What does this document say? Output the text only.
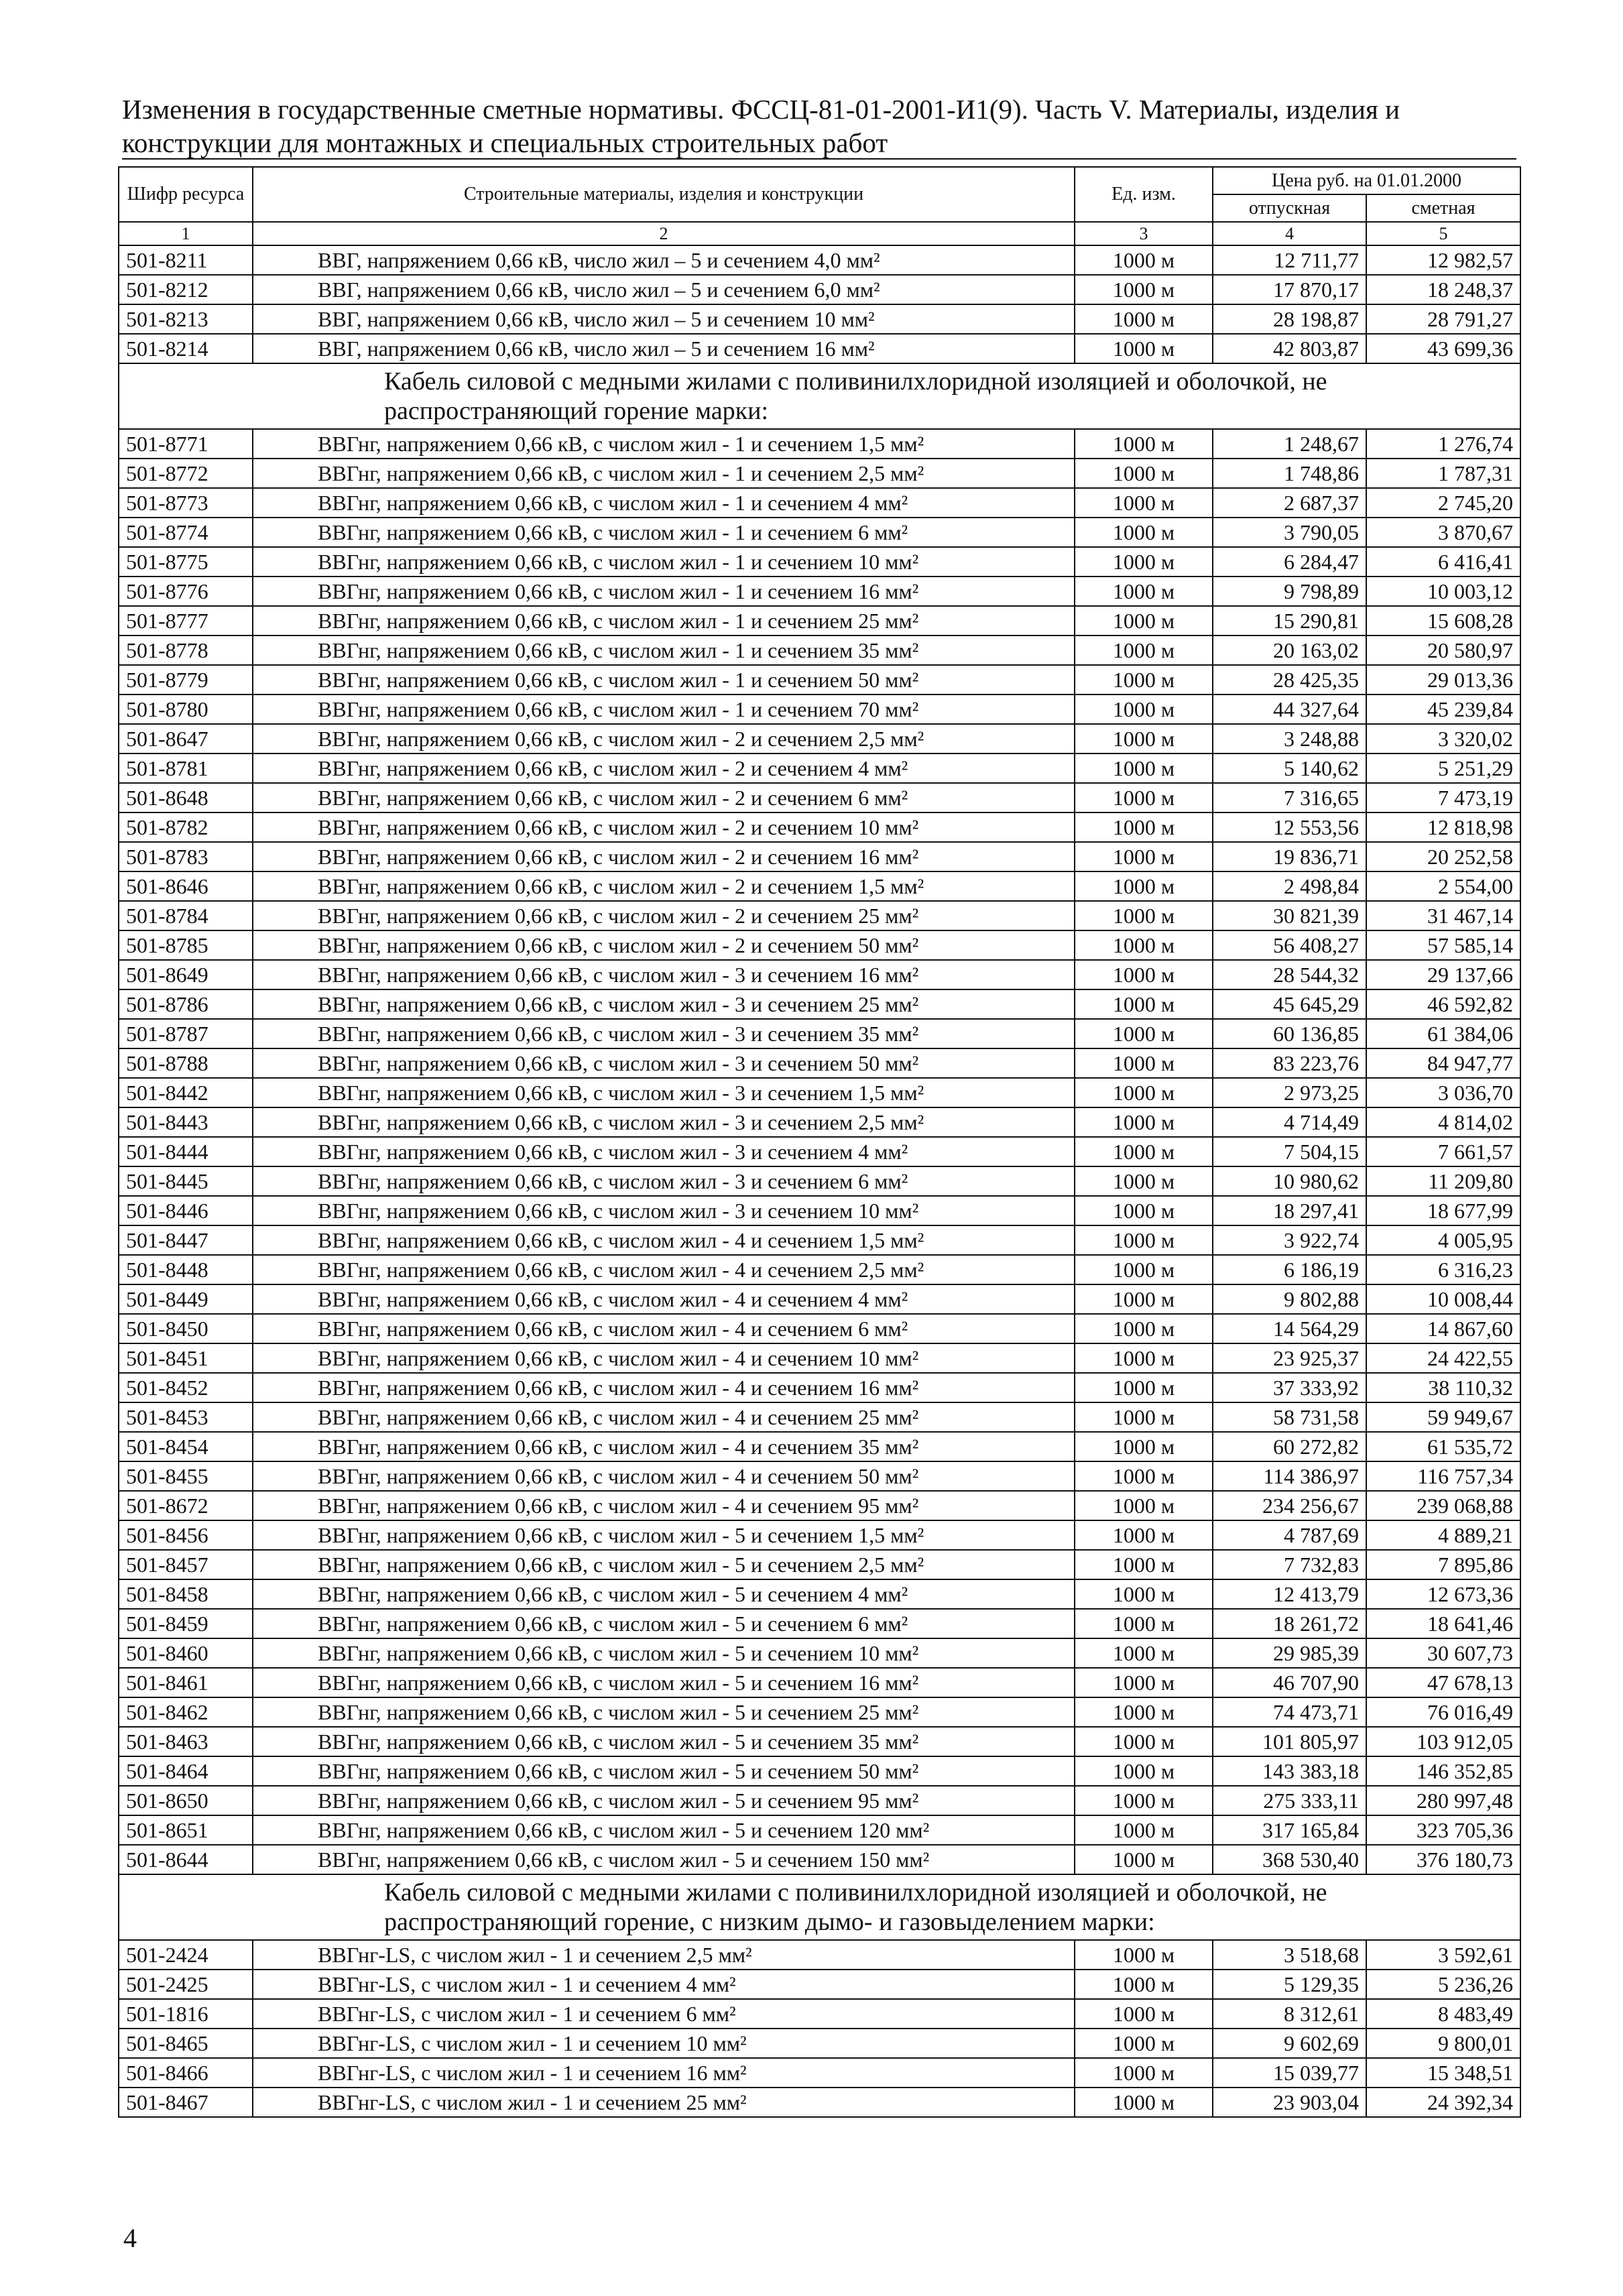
Изменения в государственные сметные нормативы. ФССЦ-81-01-2001-И1(9). Часть V. Материалы, изделия и конструкции для монтажных и специальных строительных работ
Шифр ресурса	Строительные материалы, изделия и конструкции	Ед. изм.	Цена руб. на 01.01.2000	
			отпускная	сметная
1	2	3	4	5
501-8211	ВВГ, напряжением 0,66 кВ, число жил – 5 и сечением 4,0 мм²	1000 м	12 711,77	12 982,57
501-8212	ВВГ, напряжением 0,66 кВ, число жил – 5 и сечением 6,0 мм²	1000 м	17 870,17	18 248,37
501-8213	ВВГ, напряжением 0,66 кВ, число жил – 5 и сечением 10 мм²	1000 м	28 198,87	28 791,27
501-8214	ВВГ, напряжением 0,66 кВ, число жил – 5 и сечением 16 мм²	1000 м	42 803,87	43 699,36

Кабель силовой с медными жилами с поливинилхлоридной изоляцией и оболочкой, не распространяющий горение марки:				

501-8771	ВВГнг, напряжением 0,66 кВ, с числом жил - 1 и сечением 1,5 мм²	1000 м	1 248,67	1 276,74
501-8772	ВВГнг, напряжением 0,66 кВ, с числом жил - 1 и сечением 2,5 мм²	1000 м	1 748,86	1 787,31
501-8773	ВВГнг, напряжением 0,66 кВ, с числом жил - 1 и сечением 4 мм²	1000 м	2 687,37	2 745,20
501-8774	ВВГнг, напряжением 0,66 кВ, с числом жил - 1 и сечением 6 мм²	1000 м	3 790,05	3 870,67
501-8775	ВВГнг, напряжением 0,66 кВ, с числом жил - 1 и сечением 10 мм²	1000 м	6 284,47	6 416,41
501-8776	ВВГнг, напряжением 0,66 кВ, с числом жил - 1 и сечением 16 мм²	1000 м	9 798,89	10 003,12
501-8777	ВВГнг, напряжением 0,66 кВ, с числом жил - 1 и сечением 25 мм²	1000 м	15 290,81	15 608,28
501-8778	ВВГнг, напряжением 0,66 кВ, с числом жил - 1 и сечением 35 мм²	1000 м	20 163,02	20 580,97
501-8779	ВВГнг, напряжением 0,66 кВ, с числом жил - 1 и сечением 50 мм²	1000 м	28 425,35	29 013,36
501-8780	ВВГнг, напряжением 0,66 кВ, с числом жил - 1 и сечением 70 мм²	1000 м	44 327,64	45 239,84
501-8647	ВВГнг, напряжением 0,66 кВ, с числом жил - 2 и сечением 2,5 мм²	1000 м	3 248,88	3 320,02
501-8781	ВВГнг, напряжением 0,66 кВ, с числом жил - 2 и сечением 4 мм²	1000 м	5 140,62	5 251,29
501-8648	ВВГнг, напряжением 0,66 кВ, с числом жил - 2 и сечением 6 мм²	1000 м	7 316,65	7 473,19
501-8782	ВВГнг, напряжением 0,66 кВ, с числом жил - 2 и сечением 10 мм²	1000 м	12 553,56	12 818,98
501-8783	ВВГнг, напряжением 0,66 кВ, с числом жил - 2 и сечением 16 мм²	1000 м	19 836,71	20 252,58
501-8646	ВВГнг, напряжением 0,66 кВ, с числом жил - 2 и сечением 1,5 мм²	1000 м	2 498,84	2 554,00
501-8784	ВВГнг, напряжением 0,66 кВ, с числом жил - 2 и сечением 25 мм²	1000 м	30 821,39	31 467,14
501-8785	ВВГнг, напряжением 0,66 кВ, с числом жил - 2 и сечением 50 мм²	1000 м	56 408,27	57 585,14
501-8649	ВВГнг, напряжением 0,66 кВ, с числом жил - 3 и сечением 16 мм²	1000 м	28 544,32	29 137,66
501-8786	ВВГнг, напряжением 0,66 кВ, с числом жил - 3 и сечением 25 мм²	1000 м	45 645,29	46 592,82
501-8787	ВВГнг, напряжением 0,66 кВ, с числом жил - 3 и сечением 35 мм²	1000 м	60 136,85	61 384,06
501-8788	ВВГнг, напряжением 0,66 кВ, с числом жил - 3 и сечением 50 мм²	1000 м	83 223,76	84 947,77
501-8442	ВВГнг, напряжением 0,66 кВ, с числом жил - 3 и сечением 1,5 мм²	1000 м	2 973,25	3 036,70
501-8443	ВВГнг, напряжением 0,66 кВ, с числом жил - 3 и сечением 2,5 мм²	1000 м	4 714,49	4 814,02
501-8444	ВВГнг, напряжением 0,66 кВ, с числом жил - 3 и сечением 4 мм²	1000 м	7 504,15	7 661,57
501-8445	ВВГнг, напряжением 0,66 кВ, с числом жил - 3 и сечением 6 мм²	1000 м	10 980,62	11 209,80
501-8446	ВВГнг, напряжением 0,66 кВ, с числом жил - 3 и сечением 10 мм²	1000 м	18 297,41	18 677,99
501-8447	ВВГнг, напряжением 0,66 кВ, с числом жил - 4 и сечением 1,5 мм²	1000 м	3 922,74	4 005,95
501-8448	ВВГнг, напряжением 0,66 кВ, с числом жил - 4 и сечением 2,5 мм²	1000 м	6 186,19	6 316,23
501-8449	ВВГнг, напряжением 0,66 кВ, с числом жил - 4 и сечением 4 мм²	1000 м	9 802,88	10 008,44
501-8450	ВВГнг, напряжением 0,66 кВ, с числом жил - 4 и сечением 6 мм²	1000 м	14 564,29	14 867,60
501-8451	ВВГнг, напряжением 0,66 кВ, с числом жил - 4 и сечением 10 мм²	1000 м	23 925,37	24 422,55
501-8452	ВВГнг, напряжением 0,66 кВ, с числом жил - 4 и сечением 16 мм²	1000 м	37 333,92	38 110,32
501-8453	ВВГнг, напряжением 0,66 кВ, с числом жил - 4 и сечением 25 мм²	1000 м	58 731,58	59 949,67
501-8454	ВВГнг, напряжением 0,66 кВ, с числом жил - 4 и сечением 35 мм²	1000 м	60 272,82	61 535,72
501-8455	ВВГнг, напряжением 0,66 кВ, с числом жил - 4 и сечением 50 мм²	1000 м	114 386,97	116 757,34
501-8672	ВВГнг, напряжением 0,66 кВ, с числом жил - 4 и сечением 95 мм²	1000 м	234 256,67	239 068,88
501-8456	ВВГнг, напряжением 0,66 кВ, с числом жил - 5 и сечением 1,5 мм²	1000 м	4 787,69	4 889,21
501-8457	ВВГнг, напряжением 0,66 кВ, с числом жил - 5 и сечением 2,5 мм²	1000 м	7 732,83	7 895,86
501-8458	ВВГнг, напряжением 0,66 кВ, с числом жил - 5 и сечением 4 мм²	1000 м	12 413,79	12 673,36
501-8459	ВВГнг, напряжением 0,66 кВ, с числом жил - 5 и сечением 6 мм²	1000 м	18 261,72	18 641,46
501-8460	ВВГнг, напряжением 0,66 кВ, с числом жил - 5 и сечением 10 мм²	1000 м	29 985,39	30 607,73
501-8461	ВВГнг, напряжением 0,66 кВ, с числом жил - 5 и сечением 16 мм²	1000 м	46 707,90	47 678,13
501-8462	ВВГнг, напряжением 0,66 кВ, с числом жил - 5 и сечением 25 мм²	1000 м	74 473,71	76 016,49
501-8463	ВВГнг, напряжением 0,66 кВ, с числом жил - 5 и сечением 35 мм²	1000 м	101 805,97	103 912,05
501-8464	ВВГнг, напряжением 0,66 кВ, с числом жил - 5 и сечением 50 мм²	1000 м	143 383,18	146 352,85
501-8650	ВВГнг, напряжением 0,66 кВ, с числом жил - 5 и сечением 95 мм²	1000 м	275 333,11	280 997,48
501-8651	ВВГнг, напряжением 0,66 кВ, с числом жил - 5 и сечением 120 мм²	1000 м	317 165,84	323 705,36
501-8644	ВВГнг, напряжением 0,66 кВ, с числом жил - 5 и сечением 150 мм²	1000 м	368 530,40	376 180,73

Кабель силовой с медными жилами с поливинилхлоридной изоляцией и оболочкой, не распространяющий горение, с низким дымо- и газовыделением марки:				

501-2424	ВВГнг-LS, с числом жил - 1 и сечением 2,5 мм²	1000 м	3 518,68	3 592,61
501-2425	ВВГнг-LS, с числом жил - 1 и сечением 4 мм²	1000 м	5 129,35	5 236,26
501-1816	ВВГнг-LS, с числом жил - 1 и сечением 6 мм²	1000 м	8 312,61	8 483,49
501-8465	ВВГнг-LS, с числом жил - 1 и сечением 10 мм²	1000 м	9 602,69	9 800,01
501-8466	ВВГнг-LS, с числом жил - 1 и сечением 16 мм²	1000 м	15 039,77	15 348,51
501-8467	ВВГнг-LS, с числом жил - 1 и сечением 25 мм²	1000 м	23 903,04	24 392,34
4
